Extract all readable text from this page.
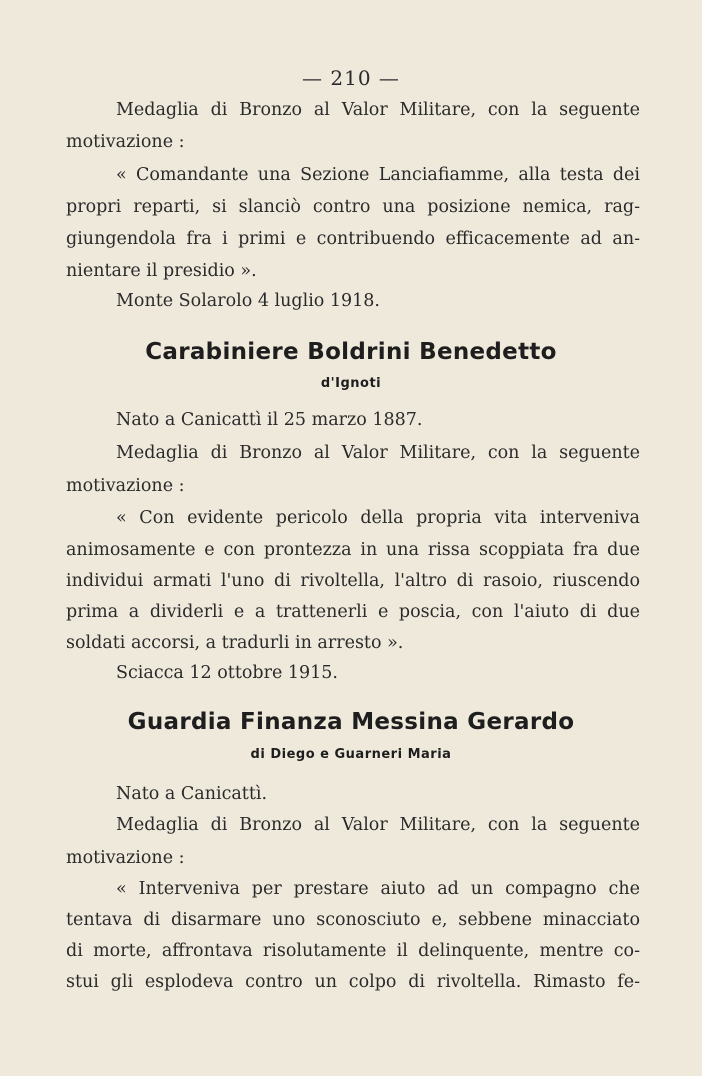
— 210 —
Medaglia di Bronzo al Valor Militare, con la seguente
motivazione :
« Comandante una Sezione Lanciafiamme, alla testa dei
propri reparti, si slanciò contro una posizione nemica, rag-
giungendola fra i primi e contribuendo efficacemente ad an-
nientare il presidio ».
Monte Solarolo 4 luglio 1918.
Carabiniere Boldrini Benedetto
d'Ignoti
Nato a Canicattì il 25 marzo 1887.
Medaglia di Bronzo al Valor Militare, con la seguente
motivazione :
« Con evidente pericolo della propria vita interveniva
animosamente e con prontezza in una rissa scoppiata fra due
individui armati l'uno di rivoltella, l'altro di rasoio, riuscendo
prima a dividerli e a trattenerli e poscia, con l'aiuto di due
soldati accorsi, a tradurli in arresto ».
Sciacca 12 ottobre 1915.
Guardia Finanza Messina Gerardo
di Diego e Guarneri Maria
Nato a Canicattì.
Medaglia di Bronzo al Valor Militare, con la seguente
motivazione :
« Interveniva per prestare aiuto ad un compagno che
tentava di disarmare uno sconosciuto e, sebbene minacciato
di morte, affrontava risolutamente il delinquente, mentre co-
stui gli esplodeva contro un colpo di rivoltella. Rimasto fe-
